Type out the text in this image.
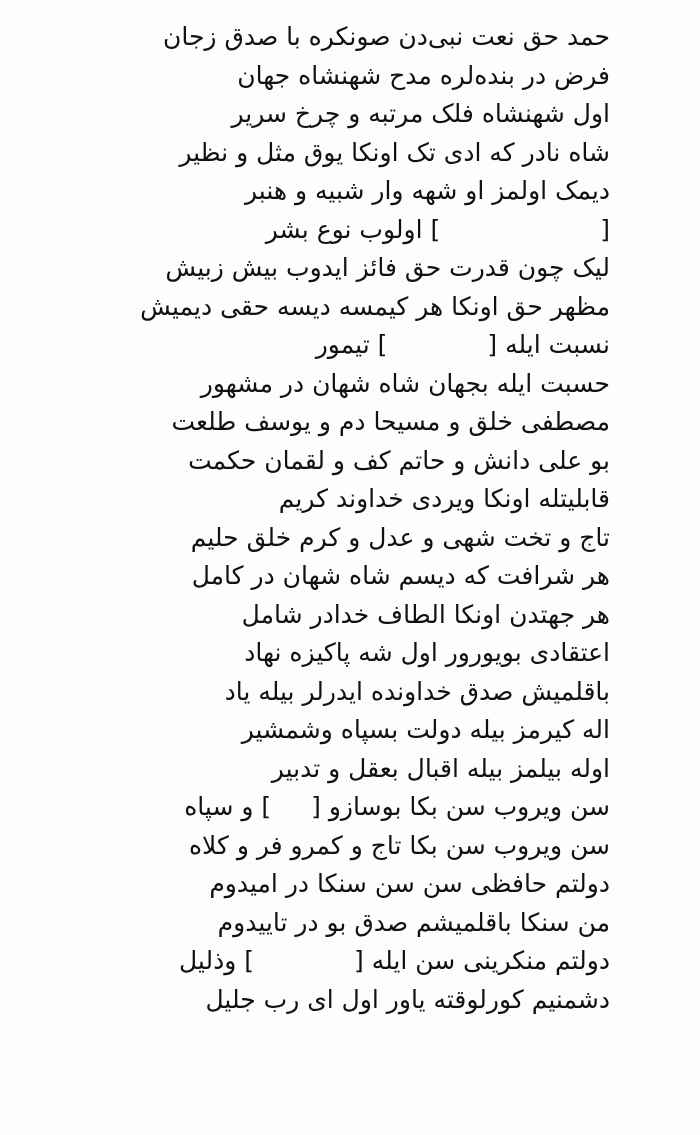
حمد حق نعت نبی‌دن صونکره با صدق زجان
فرض در بنده‌لره مدح شهنشاه جهان
اول شهنشاه فلک مرتبه و چرخ سریر
شاه نادر که ادی تک اونکا یوق مثل و نظیر
دیمک اولمز او شهه وار شبیه و هنبر
[] اولوب نوع بشر
لیک چون قدرت حق فائز ایدوب بیش زبیش
مظهر حق اونکا هر کیمسه دیسه حقی دیمیش
نسبت ایله [] تیمور
حسبت ایله بجهان شاه شهان در مشهور
مصطفی خلق و مسیحا دم و یوسف طلعت
بو علی دانش و حاتم کف و لقمان حکمت
قابلیتله اونکا ویردی خداوند کریم
تاج و تخت شهی و عدل و کرم خلق حلیم
هر شرافت که دیسم شاه شهان در کامل
هر جهتدن اونکا الطاف خدادر شامل
اعتقادی بویورور اول شه پاکیزه نهاد
باقلمیش صدق خداونده ایدرلر بیله یاد
اله کیرمز بیله دولت بسپاه وشمشیر
اوله بیلمز بیله اقبال بعقل و تدبیر
سن ویروب سن بکا بوسازو [] و سپاه
سن ویروب سن بکا تاج و کمرو فر و کلاه
دولتم حافظی سن سن سنکا در امیدوم
من سنکا باقلمیشم صدق بو در تاییدوم
دولتم منکرینی سن ایله [] وذلیل
دشمنیم کورلوقته یاور اول ای رب جلیل
